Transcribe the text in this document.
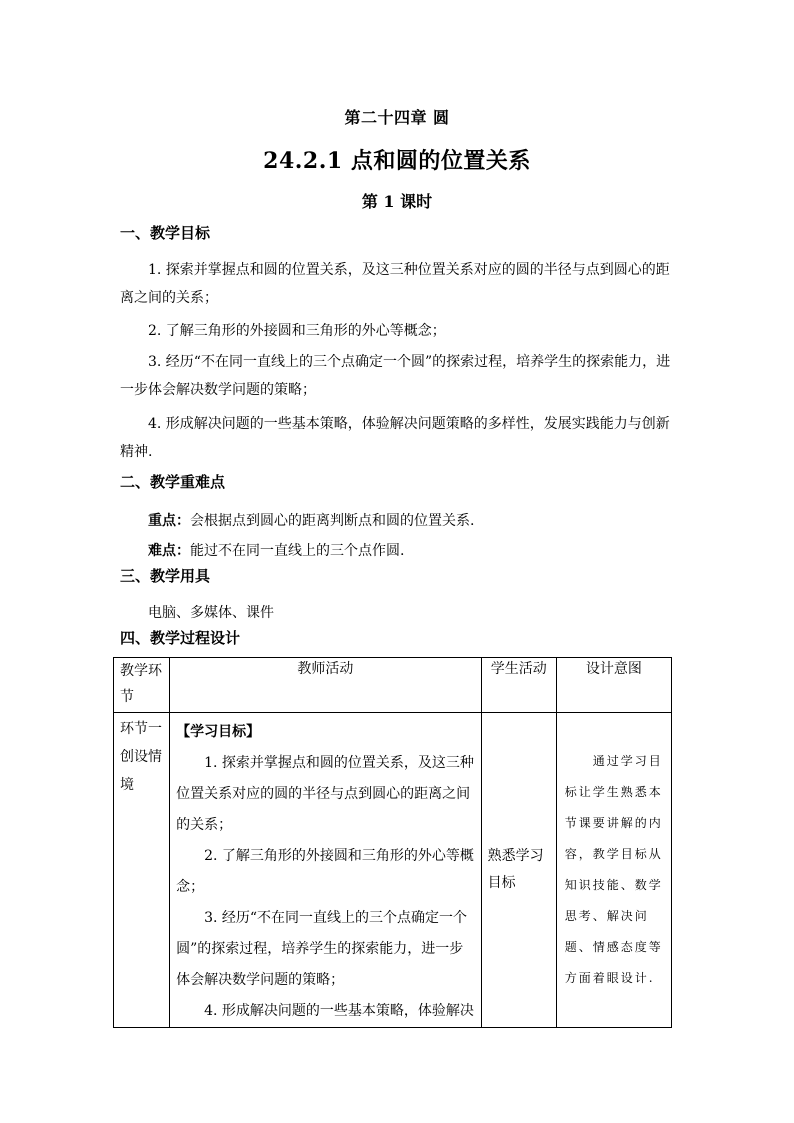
第二十四章 圆
24.2.1 点和圆的位置关系
第 1 课时
一、教学目标
1. 探索并掌握点和圆的位置关系，及这三种位置关系对应的圆的半径与点到圆心的距离之间的关系；
2. 了解三角形的外接圆和三角形的外心等概念；
3. 经历“不在同一直线上的三个点确定一个圆”的探索过程，培养学生的探索能力，进一步体会解决数学问题的策略；
4. 形成解决问题的一些基本策略，体验解决问题策略的多样性，发展实践能力与创新精神.
二、教学重难点
重点：会根据点到圆心的距离判断点和圆的位置关系.
难点：能过不在同一直线上的三个点作圆.
三、教学用具
电脑、多媒体、课件
四、教学过程设计
教学环节	教师活动	学生活动	设计意图
环节一创设情境	【学习目标】
1. 探索并掌握点和圆的位置关系，及这三种位置关系对应的圆的半径与点到圆心的距离之间的关系；
2. 了解三角形的外接圆和三角形的外心等概念；
3. 经历“不在同一直线上的三个点确定一个圆”的探索过程，培养学生的探索能力，进一步体会解决数学问题的策略；
4. 形成解决问题的一些基本策略，体验解决	熟悉学习目标	通过学习目标让学生熟悉本节课要讲解的内容，教学目标从知识技能、数学思考、解决问题、情感态度等方面着眼设计.
